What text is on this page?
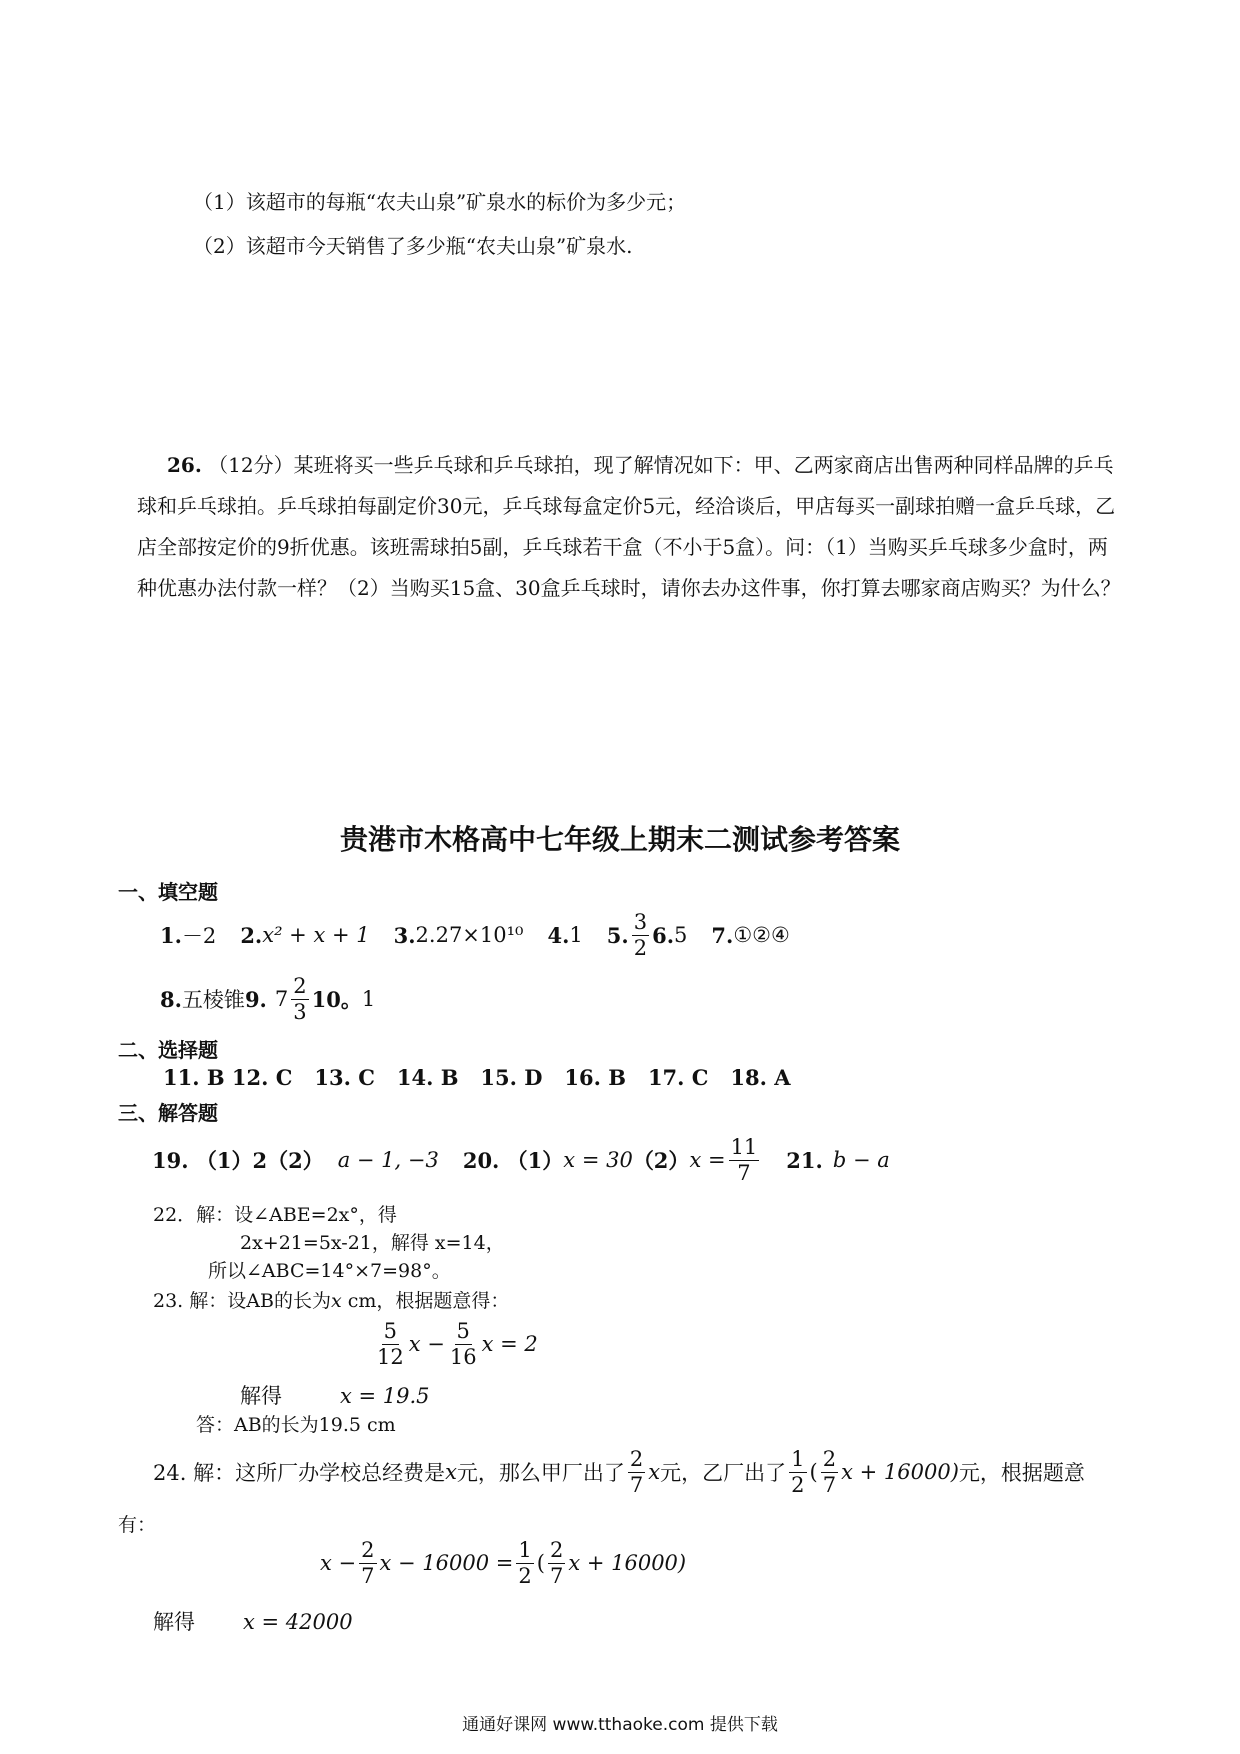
（1）该超市的每瓶“农夫山泉”矿泉水的标价为多少元；
（2）该超市今天销售了多少瓶“农夫山泉”矿泉水.
26. （12分）某班将买一些乒乓球和乒乓球拍，现了解情况如下：甲、乙两家商店出售两种同样品牌的乒乓球和乒乓球拍。乒乓球拍每副定价30元，乒乓球每盒定价5元，经洽谈后，甲店每买一副球拍赠一盒乒乓球，乙店全部按定价的9折优惠。该班需球拍5副，乒乓球若干盒（不小于5盒）。问：（1）当购买乒乓球多少盒时，两种优惠办法付款一样？（2）当购买15盒、30盒乒乓球时，请你去办这件事，你打算去哪家商店购买？为什么？
贵港市木格高中七年级上期末二测试参考答案
一、填空题
1. －2 2. x² + x + 1 3. 2.27×10¹⁰ 4. 1 5. $\frac{3}{2} 6$. 5 7. ①②④
8. 五棱锥 9. $7 \frac{2}{3} 10$。 1
二、选择题
11. B 12. C   13. C   14. B   15. D   16. B   17. C   18. A
三、解答题
19. （1）2（2） a − 1, −3 20. （1） x = 30 （2） $x = \frac{11}{7} 21$. b − a
22．解：设∠ABE=2x°，得
2x+21=5x-21，解得 x=14，
所以∠ABC=14°×7=98°。
23. 解：设AB的长为x cm，根据题意得：
$\frac{5}{12}$ $x - \frac{5}{16}$ x = 2
解得	x = 19.5
答：AB的长为19.5 cm
24. 解：这所厂办学校总经费是 x 元，那么甲厂出了 $\frac{2}{7}$ x 元，乙厂出了 $\frac{1}{2}$ ( $\frac{2}{7}$ x + 16000) 元，根据题意
有：
$x - \frac{2}{7}$ $x - 16000 = \frac{1}{2}$ ( $\frac{2}{7}$ x + 16000)
解得 x = 42000
通通好课网 www.tthaoke.com 提供下载
